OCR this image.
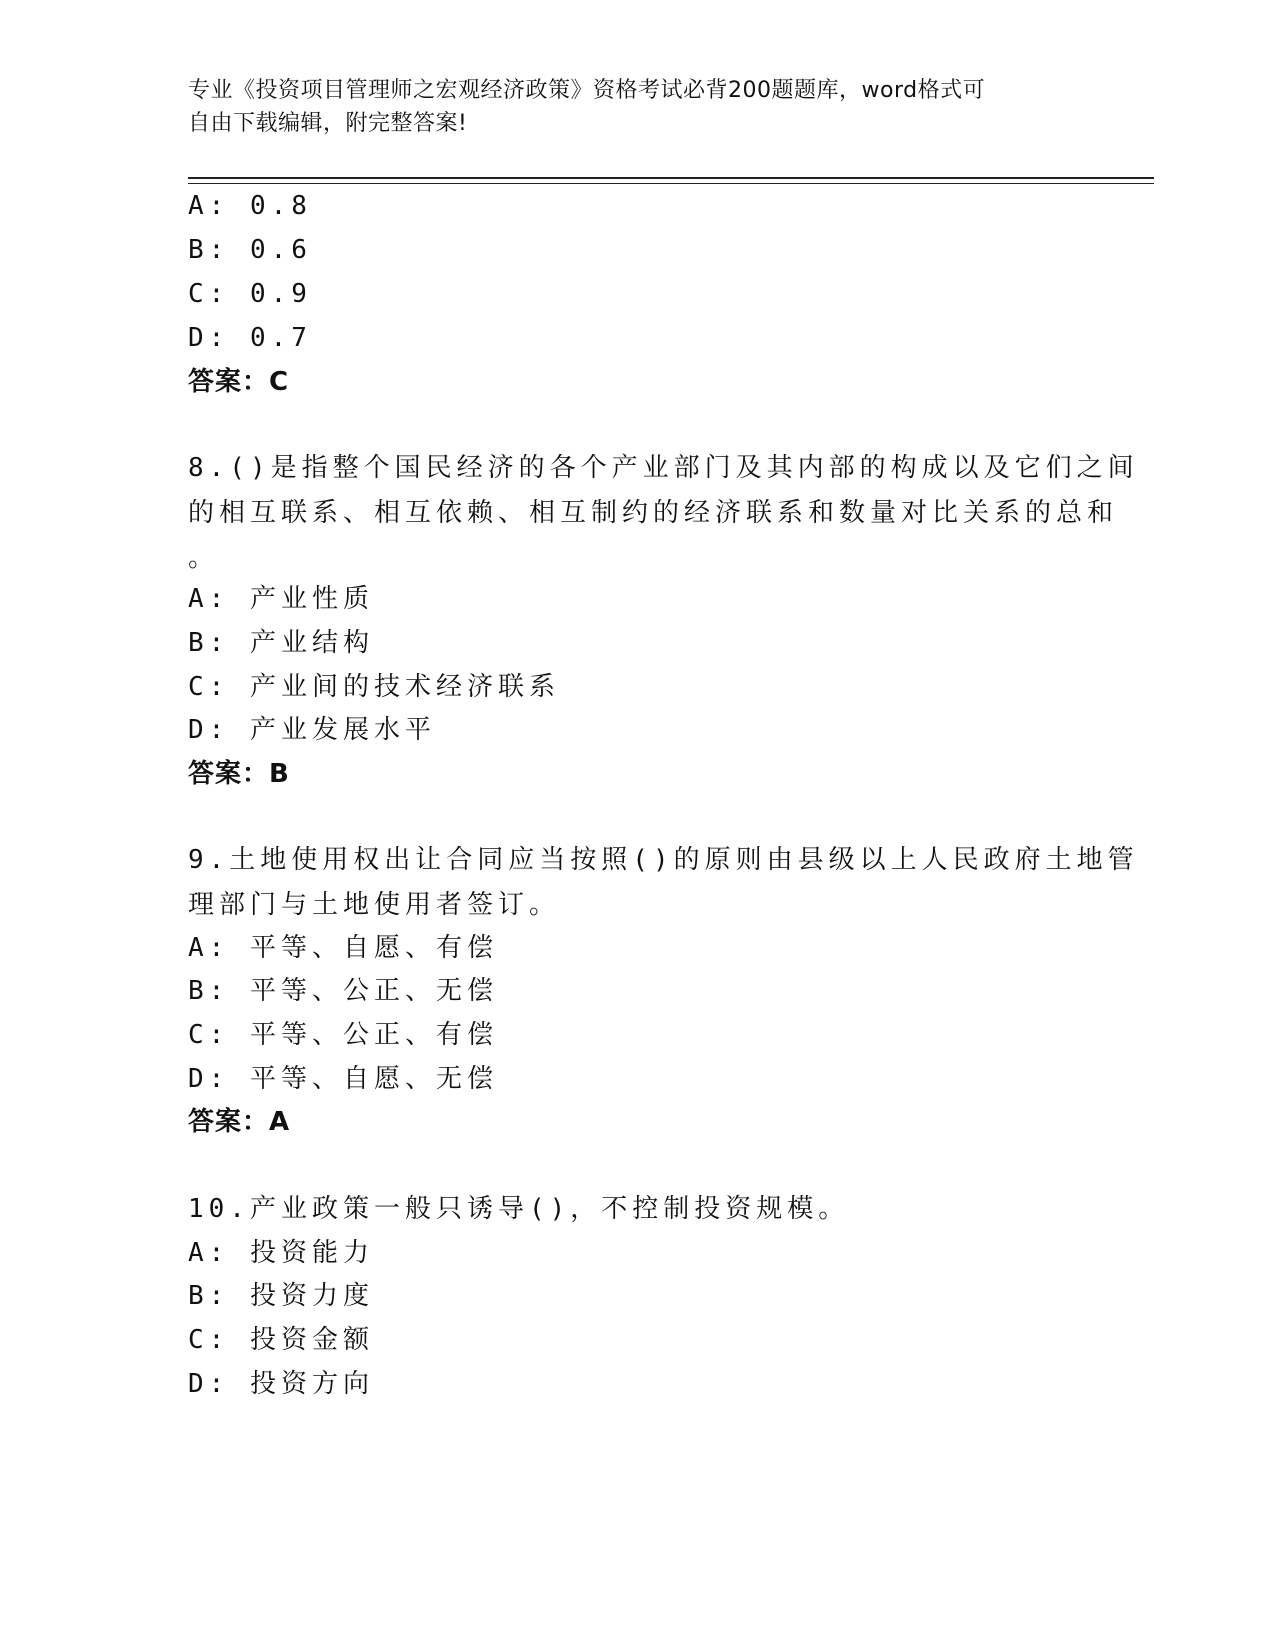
专业《投资项目管理师之宏观经济政策》资格考试必背200题题库，word格式可
自由下载编辑，附完整答案!
A: 0.8
B: 0.6
C: 0.9
D: 0.7
答案：C
8.()是指整个国民经济的各个产业部门及其内部的构成以及它们之间
的相互联系、相互依赖、相互制约的经济联系和数量对比关系的总和
。
A: 产业性质
B: 产业结构
C: 产业间的技术经济联系
D: 产业发展水平
答案：B
9.土地使用权出让合同应当按照()的原则由县级以上人民政府土地管
理部门与土地使用者签订。
A: 平等、自愿、有偿
B: 平等、公正、无偿
C: 平等、公正、有偿
D: 平等、自愿、无偿
答案：A
10.产业政策一般只诱导()，不控制投资规模。
A: 投资能力
B: 投资力度
C: 投资金额
D: 投资方向
